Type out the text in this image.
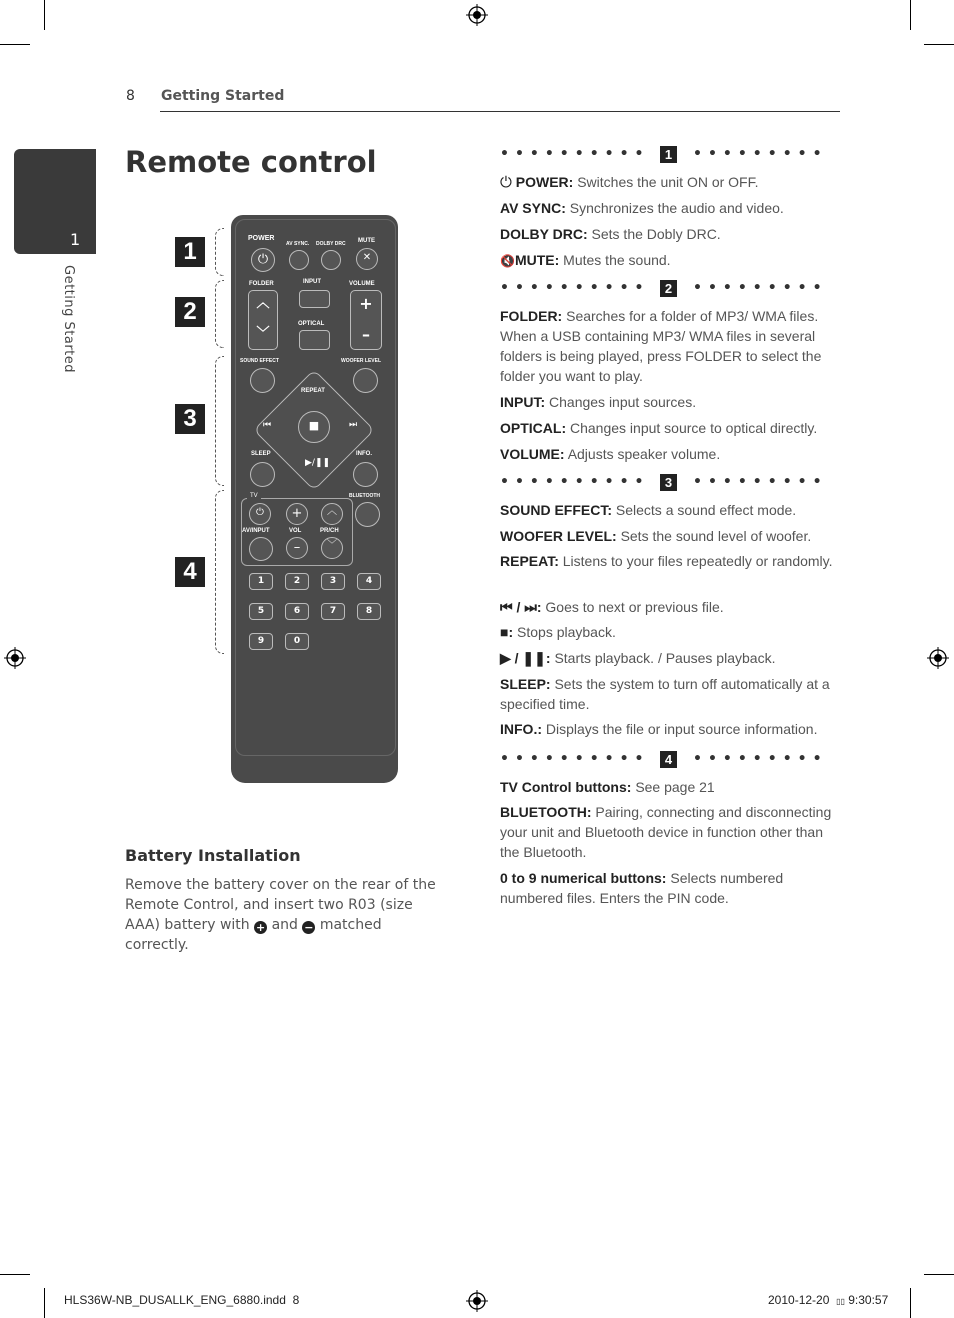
8 Getting Started
1
Getting Started
Remote control
1
2
3
4
POWER
AV SYNC. DOLBY DRC MUTE
⏻	✕
FOLDER	INPUT	VOLUME
︿
﹀
OPTICAL
+
–
SOUND EFFECT	WOOFER LEVEL
REPEAT
■
⏮	⏭
▶/❚❚
SLEEP	INFO.
TV	BLUETOOTH
⏻	+	︿
AV/INPUT	VOL	PR/CH
–	﹀
1	2	3	4
5	6	7	8
9	0
Battery Installation
Remove the battery cover on the rear of the Remote Control, and insert two R03 (size AAA) battery with + and − matched correctly.
••••••••••	1	•••••••••
⏻ POWER: Switches the unit ON or OFF.
AV SYNC: Synchronizes the audio and video.
DOLBY DRC: Sets the Dobly DRC.
🔇MUTE: Mutes the sound.
••••••••••	2	•••••••••
FOLDER: Searches for a folder of MP3/ WMA files. When a USB containing MP3/ WMA files in several folders is being played, press FOLDER to select the folder you want to play.
INPUT: Changes input sources.
OPTICAL: Changes input source to optical directly.
VOLUME: Adjusts speaker volume.
••••••••••	3	•••••••••
SOUND EFFECT: Selects a sound effect mode.
WOOFER LEVEL: Sets the sound level of woofer.
REPEAT: Listens to your files repeatedly or randomly.
⏮ / ⏭: Goes to next or previous file.
■: Stops playback.
▶ / ❚❚: Starts playback. / Pauses playback.
SLEEP: Sets the system to turn off automatically at a specified time.
INFO.: Displays the file or input source information.
••••••••••	4	•••••••••
TV Control buttons: See page 21
BLUETOOTH: Pairing, connecting and disconnecting your unit and Bluetooth device in function other than the Bluetooth.
0 to 9 numerical buttons: Selects numbered numbered files. Enters the PIN code.
HLS36W-NB_DUSALLK_ENG_6880.indd 8	2010-12-20 ▯▯ 9:30:57
